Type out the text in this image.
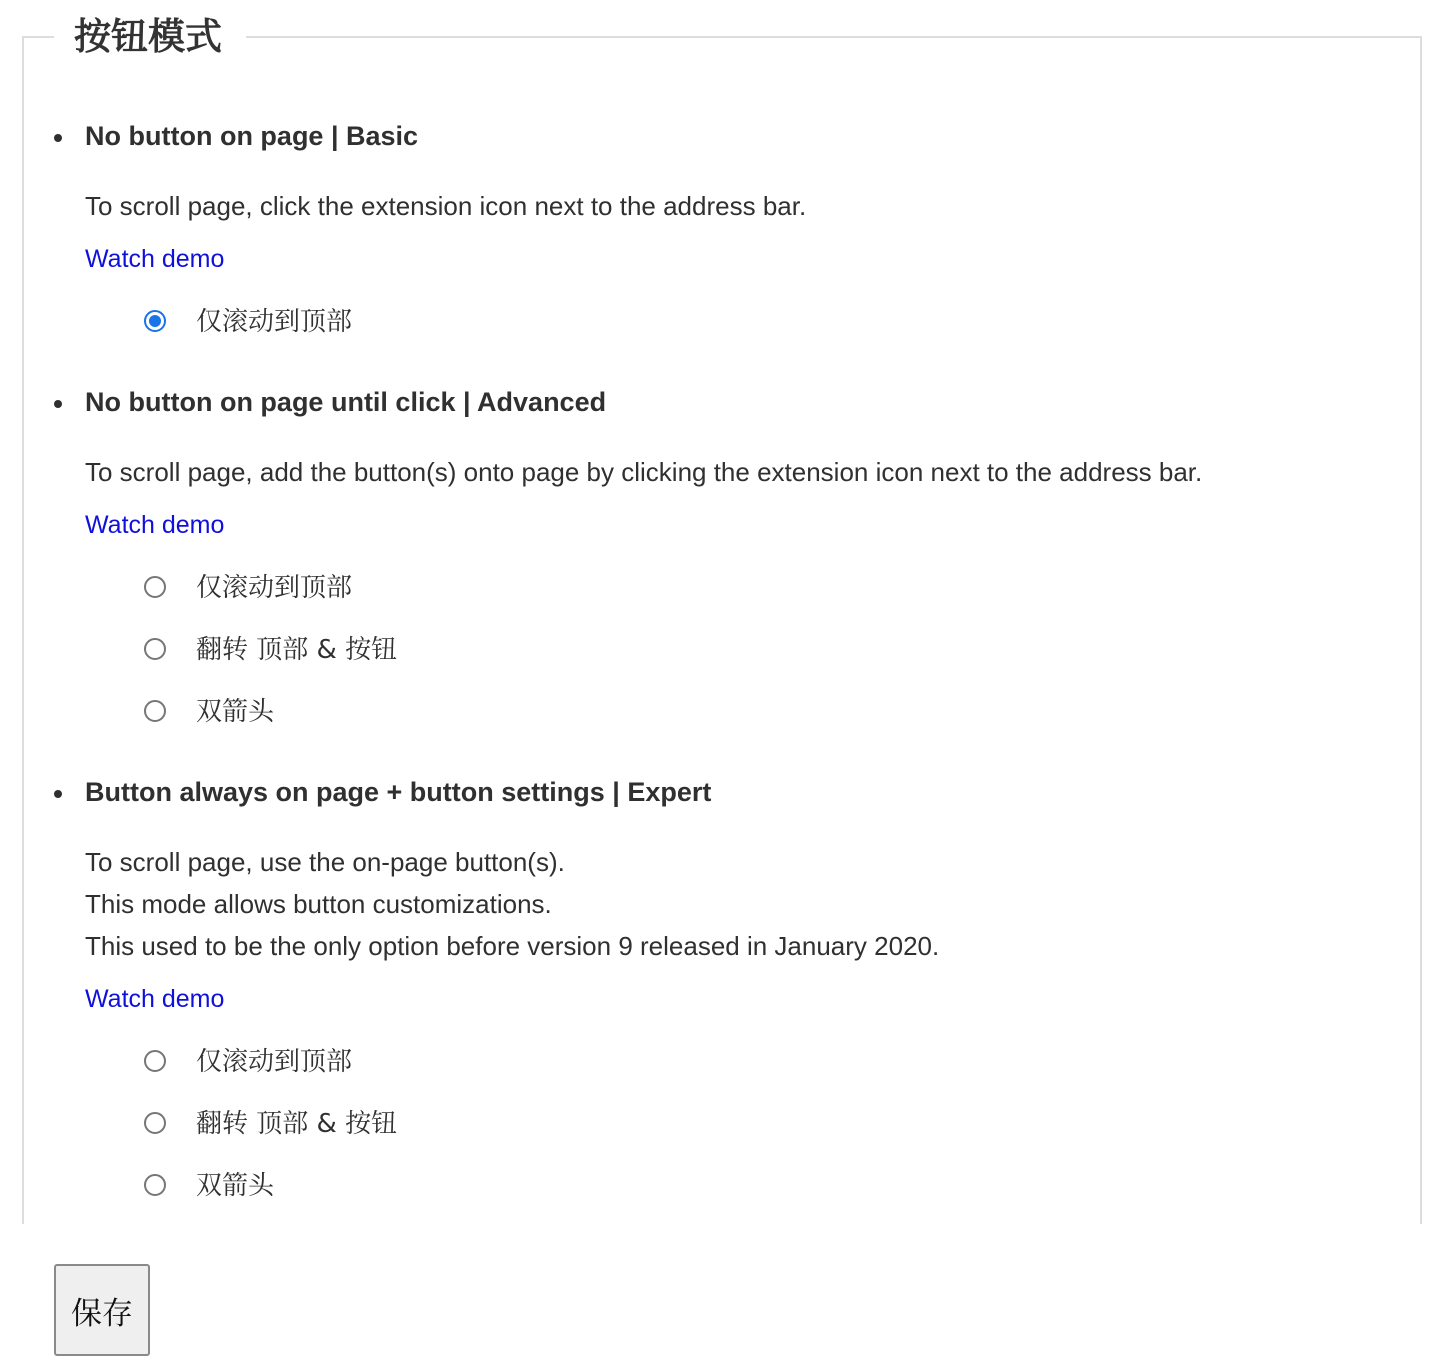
按钮模式
No button on page | Basic
To scroll page, click the extension icon next to the address bar.
Watch demo
仅滚动到顶部
No button on page until click | Advanced
To scroll page, add the button(s) onto page by clicking the extension icon next to the address bar.
Watch demo
仅滚动到顶部
翻转 顶部 & 按钮
双箭头
Button always on page + button settings | Expert
To scroll page, use the on-page button(s).
This mode allows button customizations.
This used to be the only option before version 9 released in January 2020.
Watch demo
仅滚动到顶部
翻转 顶部 & 按钮
双箭头
保存
